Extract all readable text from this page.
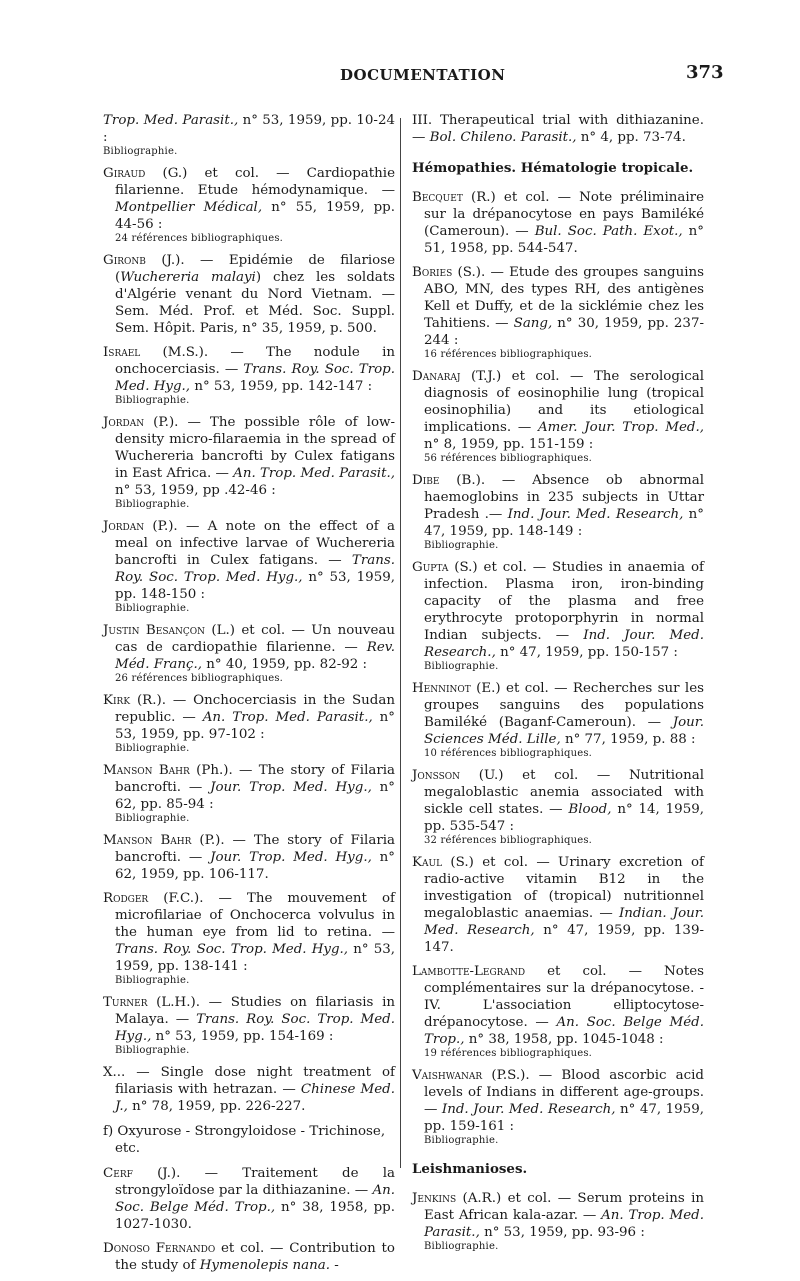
DOCUMENTATION	373
Trop. Med. Parasit., n° 53, 1959, pp. 10-24 :
Bibliographie.
Giraud (G.) et col. — Cardiopathie filarienne. Etude hémodynamique. — Montpellier Médical, n° 55, 1959, pp. 44-56 :
24 références bibliographiques.
Gironb (J.). — Epidémie de filariose (Wuchereria malayi) chez les soldats d'Algérie venant du Nord Vietnam. — Sem. Méd. Prof. et Méd. Soc. Suppl. Sem. Hôpit. Paris, n° 35, 1959, p. 500.
Israel (M.S.). — The nodule in onchocerciasis. — Trans. Roy. Soc. Trop. Med. Hyg., n° 53, 1959, pp. 142-147 :
Bibliographie.
Jordan (P.). — The possible rôle of low-density micro-filaraemia in the spread of Wuchereria bancrofti by Culex fatigans in East Africa. — An. Trop. Med. Parasit., n° 53, 1959, pp .42-46 :
Bibliographie.
Jordan (P.). — A note on the effect of a meal on infective larvae of Wuchereria bancrofti in Culex fatigans. — Trans. Roy. Soc. Trop. Med. Hyg., n° 53, 1959, pp. 148-150 :
Bibliographie.
Justin Besançon (L.) et col. — Un nouveau cas de cardiopathie filarienne. — Rev. Méd. Franç., n° 40, 1959, pp. 82-92 :
26 références bibliographiques.
Kirk (R.). — Onchocerciasis in the Sudan republic. — An. Trop. Med. Parasit., n° 53, 1959, pp. 97-102 :
Bibliographie.
Manson Bahr (Ph.). — The story of Filaria bancrofti. — Jour. Trop. Med. Hyg., n° 62, pp. 85-94 :
Bibliographie.
Manson Bahr (P.). — The story of Filaria bancrofti. — Jour. Trop. Med. Hyg., n° 62, 1959, pp. 106-117.
Rodger (F.C.). — The mouvement of microfilariae of Onchocerca volvulus in the human eye from lid to retina. — Trans. Roy. Soc. Trop. Med. Hyg., n° 53, 1959, pp. 138-141 :
Bibliographie.
Turner (L.H.). — Studies on filariasis in Malaya. — Trans. Roy. Soc. Trop. Med. Hyg., n° 53, 1959, pp. 154-169 :
Bibliographie.
X... — Single dose night treatment of filariasis with hetrazan. — Chinese Med. J., n° 78, 1959, pp. 226-227.
f) Oxyurose - Strongyloidose - Trichinose, etc.
Cerf (J.). — Traitement de la strongyloïdose par la dithiazanine. — An. Soc. Belge Méd. Trop., n° 38, 1958, pp. 1027-1030.
Donoso Fernando et col. — Contribution to the study of Hymenolepis nana. -
III. Therapeutical trial with dithiazanine. — Bol. Chileno. Parasit., n° 4, pp. 73-74.
Hémopathies. Hématologie tropicale.
Becquet (R.) et col. — Note préliminaire sur la drépanocytose en pays Bamiléké (Cameroun). — Bul. Soc. Path. Exot., n° 51, 1958, pp. 544-547.
Bories (S.). — Etude des groupes sanguins ABO, MN, des types RH, des antigènes Kell et Duffy, et de la sicklémie chez les Tahitiens. — Sang, n° 30, 1959, pp. 237-244 :
16 références bibliographiques.
Danaraj (T.J.) et col. — The serological diagnosis of eosinophilie lung (tropical eosinophilia) and its etiological implications. — Amer. Jour. Trop. Med., n° 8, 1959, pp. 151-159 :
56 références bibliographiques.
Dibe (B.). — Absence ob abnormal haemoglobins in 235 subjects in Uttar Pradesh .— Ind. Jour. Med. Research, n° 47, 1959, pp. 148-149 :
Bibliographie.
Gupta (S.) et col. — Studies in anaemia of infection. Plasma iron, iron-binding capacity of the plasma and free erythrocyte protoporphyrin in normal Indian subjects. — Ind. Jour. Med. Research., n° 47, 1959, pp. 150-157 :
Bibliographie.
Henninot (E.) et col. — Recherches sur les groupes sanguins des populations Bamiléké (Baganf-Cameroun). — Jour. Sciences Méd. Lille, n° 77, 1959, p. 88 :
10 références bibliographiques.
Jonsson (U.) et col. — Nutritional megaloblastic anemia associated with sickle cell states. — Blood, n° 14, 1959, pp. 535-547 :
32 références bibliographiques.
Kaul (S.) et col. — Urinary excretion of radio-active vitamin B12 in the investigation of (tropical) nutritionnel megaloblastic anaemias. — Indian. Jour. Med. Research, n° 47, 1959, pp. 139-147.
Lambotte-Legrand et col. — Notes complémentaires sur la drépanocytose. - IV. L'association elliptocytose-drépanocytose. — An. Soc. Belge Méd. Trop., n° 38, 1958, pp. 1045-1048 :
19 références bibliographiques.
Vaishwanar (P.S.). — Blood ascorbic acid levels of Indians in different age-groups. — Ind. Jour. Med. Research, n° 47, 1959, pp. 159-161 :
Bibliographie.
Leishmanioses.
Jenkins (A.R.) et col. — Serum proteins in East African kala-azar. — An. Trop. Med. Parasit., n° 53, 1959, pp. 93-96 :
Bibliographie.
